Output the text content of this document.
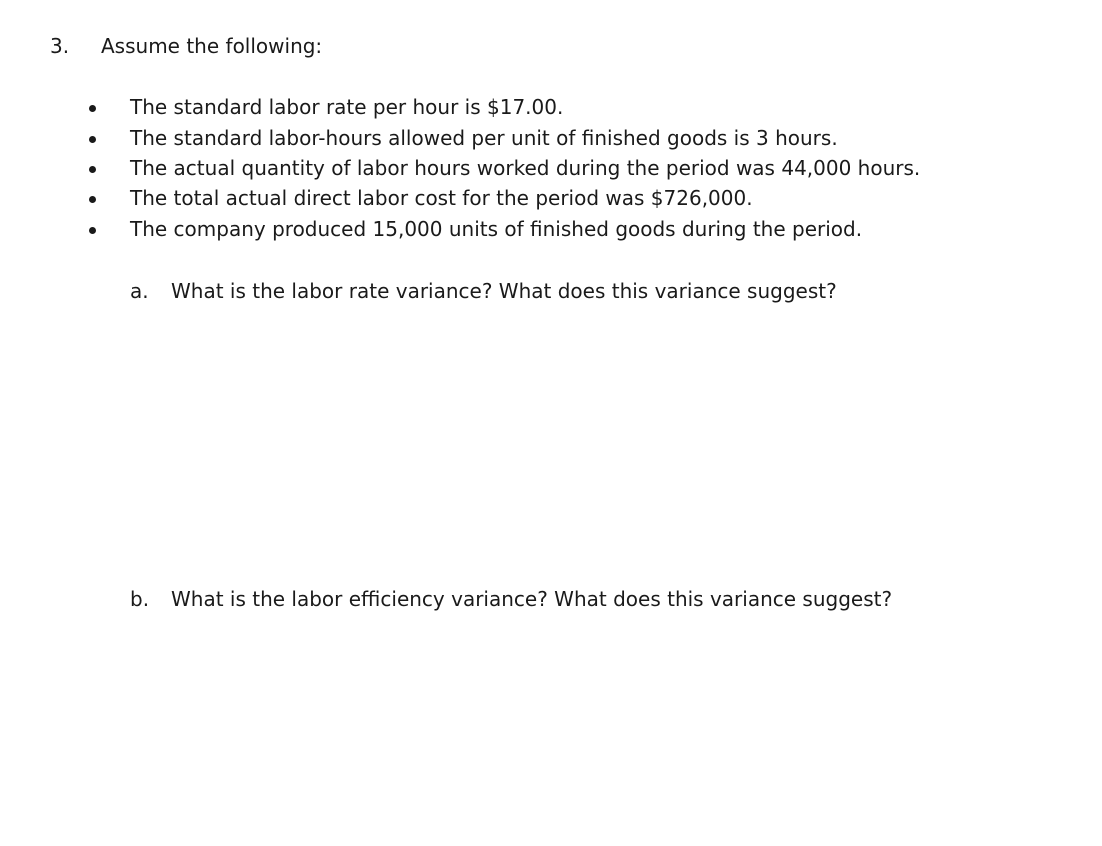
3. Assume the following:
The standard labor rate per hour is $17.00.
The standard labor-hours allowed per unit of finished goods is 3 hours.
The actual quantity of labor hours worked during the period was 44,000 hours.
The total actual direct labor cost for the period was $726,000.
The company produced 15,000 units of finished goods during the period.
a. What is the labor rate variance? What does this variance suggest?
b. What is the labor efficiency variance? What does this variance suggest?
